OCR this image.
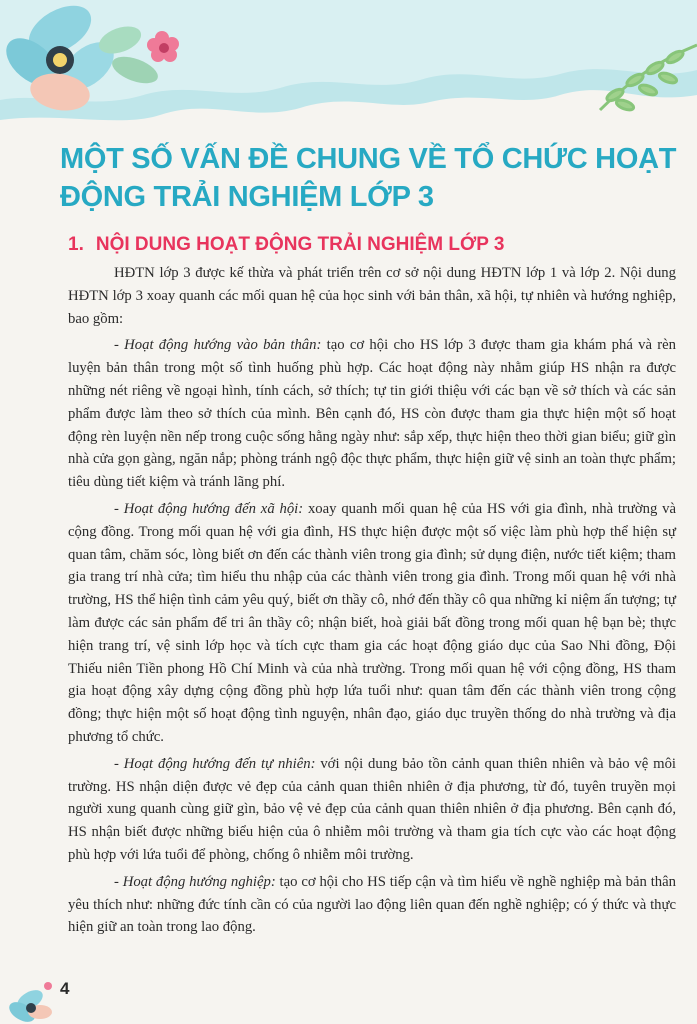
MỘT SỐ VẤN ĐỀ CHUNG VỀ TỔ CHỨC HOẠT ĐỘNG TRẢI NGHIỆM LỚP 3
1. NỘI DUNG HOẠT ĐỘNG TRẢI NGHIỆM LỚP 3

HĐTN lớp 3 được kế thừa và phát triển trên cơ sở nội dung HĐTN lớp 1 và lớp 2. Nội dung HĐTN lớp 3 xoay quanh các mối quan hệ của học sinh với bản thân, xã hội, tự nhiên và hướng nghiệp, bao gồm:

- Hoạt động hướng vào bản thân: tạo cơ hội cho HS lớp 3 được tham gia khám phá và rèn luyện bản thân trong một số tình huống phù hợp. Các hoạt động này nhằm giúp HS nhận ra được những nét riêng về ngoại hình, tính cách, sở thích; tự tin giới thiệu với các bạn về sở thích và các sản phẩm được làm theo sở thích của mình. Bên cạnh đó, HS còn được tham gia thực hiện một số hoạt động rèn luyện nền nếp trong cuộc sống hằng ngày như: sắp xếp, thực hiện theo thời gian biểu; giữ gìn nhà cửa gọn gàng, ngăn nắp; phòng tránh ngộ độc thực phẩm, thực hiện giữ vệ sinh an toàn thực phẩm; tiêu dùng tiết kiệm và tránh lãng phí.

- Hoạt động hướng đến xã hội: xoay quanh mối quan hệ của HS với gia đình, nhà trường và cộng đồng. Trong mối quan hệ với gia đình, HS thực hiện được một số việc làm phù hợp thể hiện sự quan tâm, chăm sóc, lòng biết ơn đến các thành viên trong gia đình; sử dụng điện, nước tiết kiệm; tham gia trang trí nhà cửa; tìm hiểu thu nhập của các thành viên trong gia đình. Trong mối quan hệ với nhà trường, HS thể hiện tình cảm yêu quý, biết ơn thầy cô, nhớ đến thầy cô qua những kỉ niệm ấn tượng; tự làm được các sản phẩm để tri ân thầy cô; nhận biết, hoà giải bất đồng trong mối quan hệ bạn bè; thực hiện trang trí, vệ sinh lớp học và tích cực tham gia các hoạt động giáo dục của Sao Nhi đồng, Đội Thiếu niên Tiền phong Hồ Chí Minh và của nhà trường. Trong mối quan hệ với cộng đồng, HS tham gia hoạt động xây dựng cộng đồng phù hợp lứa tuổi như: quan tâm đến các thành viên trong cộng đồng; thực hiện một số hoạt động tình nguyện, nhân đạo, giáo dục truyền thống do nhà trường và địa phương tổ chức.

- Hoạt động hướng đến tự nhiên: với nội dung bảo tồn cảnh quan thiên nhiên và bảo vệ môi trường. HS nhận diện được vẻ đẹp của cảnh quan thiên nhiên ở địa phương, từ đó, tuyên truyền mọi người xung quanh cùng giữ gìn, bảo vệ vẻ đẹp của cảnh quan thiên nhiên ở địa phương. Bên cạnh đó, HS nhận biết được những biểu hiện của ô nhiễm môi trường và tham gia tích cực vào các hoạt động phù hợp với lứa tuổi để phòng, chống ô nhiễm môi trường.

- Hoạt động hướng nghiệp: tạo cơ hội cho HS tiếp cận và tìm hiểu về nghề nghiệp mà bản thân yêu thích như: những đức tính cần có của người lao động liên quan đến nghề nghiệp; có ý thức và thực hiện giữ an toàn trong lao động.

4
